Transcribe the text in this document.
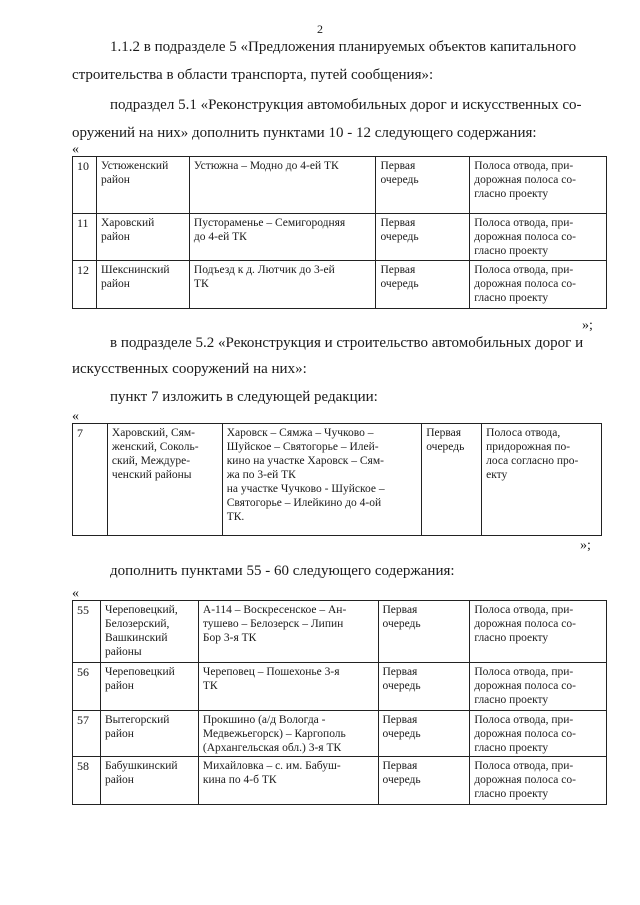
2
1.1.2 в подразделе 5 «Предложения планируемых объектов капитального
строительства в области транспорта, путей сообщения»:
подраздел 5.1 «Реконструкция автомобильных дорог и искусственных со-
оружений на них» дополнить пунктами 10 - 12 следующего содержания:
«
10	Устюженский
район	Устюжна – Модно до 4-ей ТК	Первая
очередь	Полоса отвода, при-
дорожная полоса со-
гласно проекту
11	Харовский
район	Пустораменье – Семигородняя
до 4-ей ТК	Первая
очередь	Полоса отвода, при-
дорожная полоса со-
гласно проекту
12	Шекснинский
район	Подъезд к д. Лютчик до 3-ей
ТК	Первая
очередь	Полоса отвода, при-
дорожная полоса со-
гласно проекту
»;
в подразделе 5.2 «Реконструкция и строительство автомобильных дорог и
искусственных сооружений на них»:
пункт 7 изложить в следующей редакции:
«
7	Харовский, Сям-
женский, Сoколь-
ский, Междуре-
ченский районы	Харовск – Сямжа – Чучково –
Шуйское – Святогорье – Илей-
кино на участке Харовск – Сям-
жа по 3-ей ТК
на участке Чучково - Шуйское –
Святогорье – Илейкино до 4-ой
ТК.	Первая
очередь	Полоса отвода,
придорожная по-
лоса согласно про-
екту
»;
дополнить пунктами 55 - 60 следующего содержания:
«
55	Череповецкий,
Белозерский,
Вашкинский
районы	А-114 – Воскресенское – Ан-
тушево – Белозерск – Липин
Бор 3-я ТК	Первая
очередь	Полоса отвода, при-
дорожная полоса со-
гласно проекту
56	Череповецкий
район	Череповец – Пошехонье 3-я
ТК	Первая
очередь	Полоса отвода, при-
дорожная полоса со-
гласно проекту
57	Вытегорский
район	Прокшино (а/д Вологда -
Медвежьегорск) – Каргополь
(Архангельская обл.) 3-я ТК	Первая
очередь	Полоса отвода, при-
дорожная полоса со-
гласно проекту
58	Бабушкинский
район	Михайловка – с. им. Бабуш-
кина по 4-б ТК	Первая
очередь	Полоса отвода, при-
дорожная полоса со-
гласно проекту
